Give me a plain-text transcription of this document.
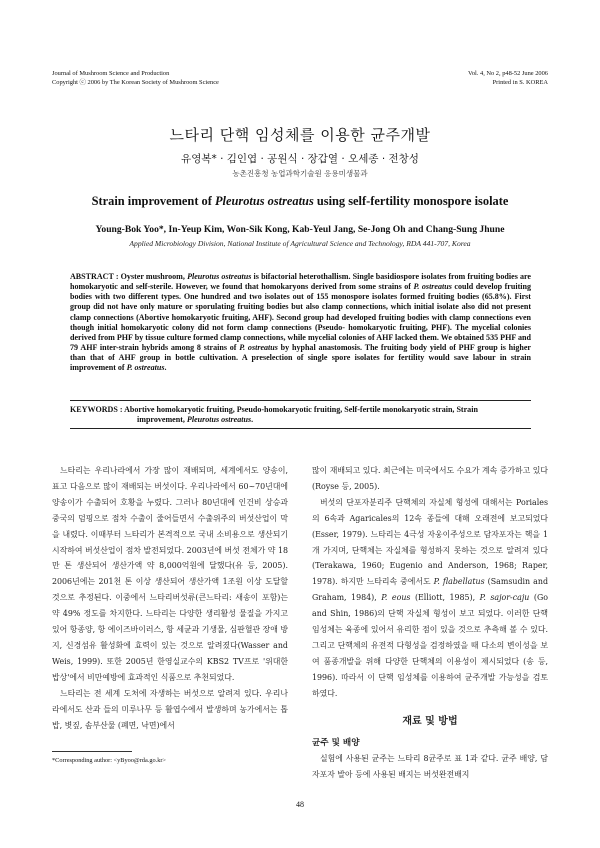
Journal of Mushroom Science and Production
Copyright ⓒ 2006 by The Korean Society of Mushroom Science
Vol. 4, No 2, p48-52 June 2006
Printed in S. KOREA
느타리 단핵 임성체를 이용한 균주개발
유영복* · 김인엽 · 공원식 · 장갑열 · 오세종 · 전창성
농촌진흥청 농업과학기술원 응용미생물과
Strain improvement of Pleurotus ostreatus using self-fertility monospore isolate
Young-Bok Yoo*, In-Yeup Kim, Won-Sik Kong, Kab-Yeul Jang, Se-Jong Oh and Chang-Sung Jhune
Applied Microbiology Division, National Institute of Agricultural Science and Technology, RDA 441-707, Korea
ABSTRACT : Oyster mushroom, Pleurotus ostreatus is bifactorial heterothallism. Single basidiospore isolates from fruiting bodies are homokaryotic and self-sterile. However, we found that homokaryons derived from some strains of P. ostreatus could develop fruiting bodies with two different types. One hundred and two isolates out of 155 monospore isolates formed fruiting bodies (65.8%). First group did not have only mature or sporulating fruiting bodies but also clamp connections, which initial isolate also did not present clamp connections (Abortive homokaryotic fruiting, AHF). Second group had developed fruiting bodies with clamp connections even though initial homokaryotic colony did not form clamp connections (Pseudo- homokaryotic fruiting, PHF). The mycelial colonies derived from PHF by tissue culture formed clamp connections, while mycelial colonies of AHF lacked them. We obtained 535 PHF and 79 AHF inter-strain hybrids among 8 strains of P. ostreatus by hyphal anastomosis. The fruiting body yield of PHF group is higher than that of AHF group in bottle cultivation. A preselection of single spore isolates for fertility would save labour in strain improvement of P. ostreatus.
KEYWORDS : Abortive homokaryotic fruiting, Pseudo-homokaryotic fruiting, Self-fertile monokaryotic strain, Strain
improvement, Pleurotus ostreatus.

느타리는 우리나라에서 가장 많이 재배되며, 세계에서도 양송이, 표고 다음으로 많이 재배되는 버섯이다. 우리나라에서 60~70년대에 양송이가 수출되어 호황을 누렸다. 그러나 80년대에 인건비 상승과 중국의 덤핑으로 점차 수출이 줄어들면서 수출위주의 버섯산업이 막을 내렸다. 이때부터 느타리가 본격적으로 국내 소비용으로 생산되기 시작하여 버섯산업이 점차 발전되었다. 2003년에 버섯 전체가 약 18만 톤 생산되어 생산가액 약 8,000억원에 달했다(유 등, 2005). 2006년에는 201천 톤 이상 생산되어 생산가액 1조원 이상 도달할 것으로 추정된다. 이중에서 느타리버섯류(큰느타리: 새송이 포함)는 약 49% 정도를 차지한다. 느타리는 다양한 생리활성 물질을 가지고 있어 항종양, 항 에이즈바이러스, 항 세균과 기생물, 심판혈관 장애 방지, 신경섬유 활성화에 효력이 있는 것으로 알려졌다(Wasser and Weis, 1999). 또한 2005년 한영실교수의 KBS2 TV프로 '위대한 밥상'에서 비만예방에 효과적인 식품으로 추천되었다.

느타리는 전 세계 도처에 자생하는 버섯으로 알려져 있다. 우리나라에서도 산과 들의 미루나무 등 활엽수에서 발생하며 농가에서는 톱밥, 볏짚, 솜부산물 (폐면, 낙면)에서

많이 재배되고 있다. 최근에는 미국에서도 수요가 계속 증가하고 있다 (Royse 등, 2005).

버섯의 단포자분리주 단핵체의 자실체 형성에 대해서는 Poriales의 6속과 Agaricales의 12속 종들에 대해 오래전에 보고되었다 (Esser, 1979). 느타리는 4극성 자웅이주성으로 담자포자는 핵을 1개 가지며, 단핵체는 자실체를 형성하지 못하는 것으로 알려져 있다(Terakawa, 1960; Eugenio and Anderson, 1968; Raper, 1978). 하지만 느타리속 중에서도 P. flabellatus (Samsudin and Graham, 1984), P. eous (Elliott, 1985), P. sajor-caju (Go and Shin, 1986)의 단핵 자실체 형성이 보고 되었다. 이러한 단핵 임성체는 육종에 있어서 유리한 점이 있을 것으로 추측해 볼 수 있다. 그리고 단핵체의 유전적 다형성을 검정하였을 때 다소의 변이성을 보여 품종개발을 위해 다양한 단핵체의 이용성이 제시되었다 (송 등, 1996). 따라서 이 단핵 임성체를 이용하여 균주개발 가능성을 검토하였다.

재료 및 방법
균주 및 배양

실험에 사용된 균주는 느타리 8균주로 표 1과 같다. 균주 배양, 담자포자 발아 등에 사용된 배지는 버섯완전배지

*Corresponding author: <yByoo@rda.go.kr>
48
